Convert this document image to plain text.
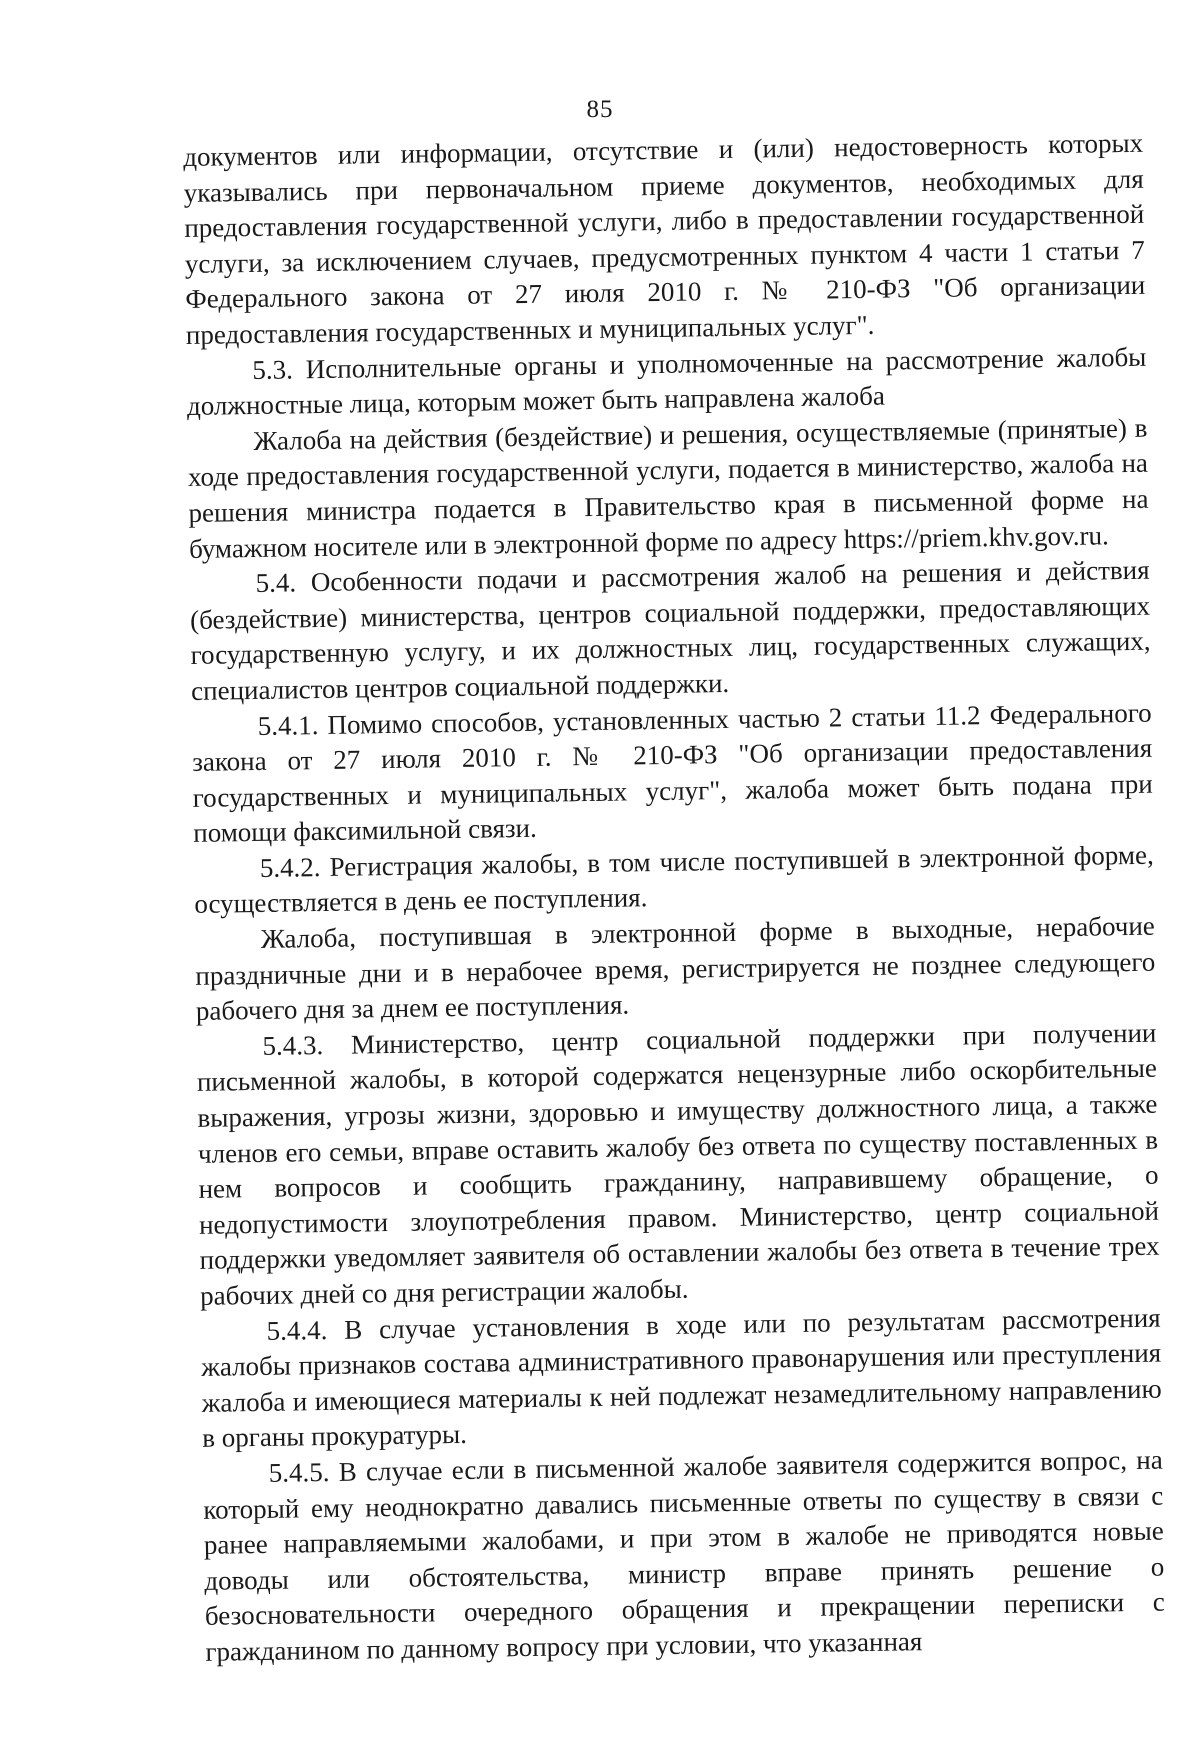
85

документов или информации, отсутствие и (или) недостоверность которых указывались при первоначальном приеме документов, необходимых для предоставления государственной услуги, либо в предоставлении государственной услуги, за исключением случаев, предусмотренных пунктом 4 части 1 статьи 7 Федерального закона от 27 июля 2010 г. № 210-ФЗ "Об организации предоставления государственных и муниципальных услуг".

5.3. Исполнительные органы и уполномоченные на рассмотрение жалобы должностные лица, которым может быть направлена жалоба

Жалоба на действия (бездействие) и решения, осуществляемые (принятые) в ходе предоставления государственной услуги, подается в министерство, жалоба на решения министра подается в Правительство края в письменной форме на бумажном носителе или в электронной форме по адресу https://priem.khv.gov.ru.

5.4. Особенности подачи и рассмотрения жалоб на решения и действия (бездействие) министерства, центров социальной поддержки, предоставляющих государственную услугу, и их должностных лиц, государственных служащих, специалистов центров социальной поддержки.

5.4.1. Помимо способов, установленных частью 2 статьи 11.2 Федерального закона от 27 июля 2010 г. № 210-ФЗ "Об организации предоставления государственных и муниципальных услуг", жалоба может быть подана при помощи факсимильной связи.

5.4.2. Регистрация жалобы, в том числе поступившей в электронной форме, осуществляется в день ее поступления.

Жалоба, поступившая в электронной форме в выходные, нерабочие праздничные дни и в нерабочее время, регистрируется не позднее следующего рабочего дня за днем ее поступления.

5.4.3. Министерство, центр социальной поддержки при получении письменной жалобы, в которой содержатся нецензурные либо оскорбительные выражения, угрозы жизни, здоровью и имуществу должностного лица, а также членов его семьи, вправе оставить жалобу без ответа по существу поставленных в нем вопросов и сообщить гражданину, направившему обращение, о недопустимости злоупотребления правом. Министерство, центр социальной поддержки уведомляет заявителя об оставлении жалобы без ответа в течение трех рабочих дней со дня регистрации жалобы.

5.4.4. В случае установления в ходе или по результатам рассмотрения жалобы признаков состава административного правонарушения или преступления жалоба и имеющиеся материалы к ней подлежат незамедлительному направлению в органы прокуратуры.

5.4.5. В случае если в письменной жалобе заявителя содержится вопрос, на который ему неоднократно давались письменные ответы по существу в связи с ранее направляемыми жалобами, и при этом в жалобе не приводятся новые доводы или обстоятельства, министр вправе принять решение о безосновательности очередного обращения и прекращении переписки с гражданином по данному вопросу при условии, что указанная
